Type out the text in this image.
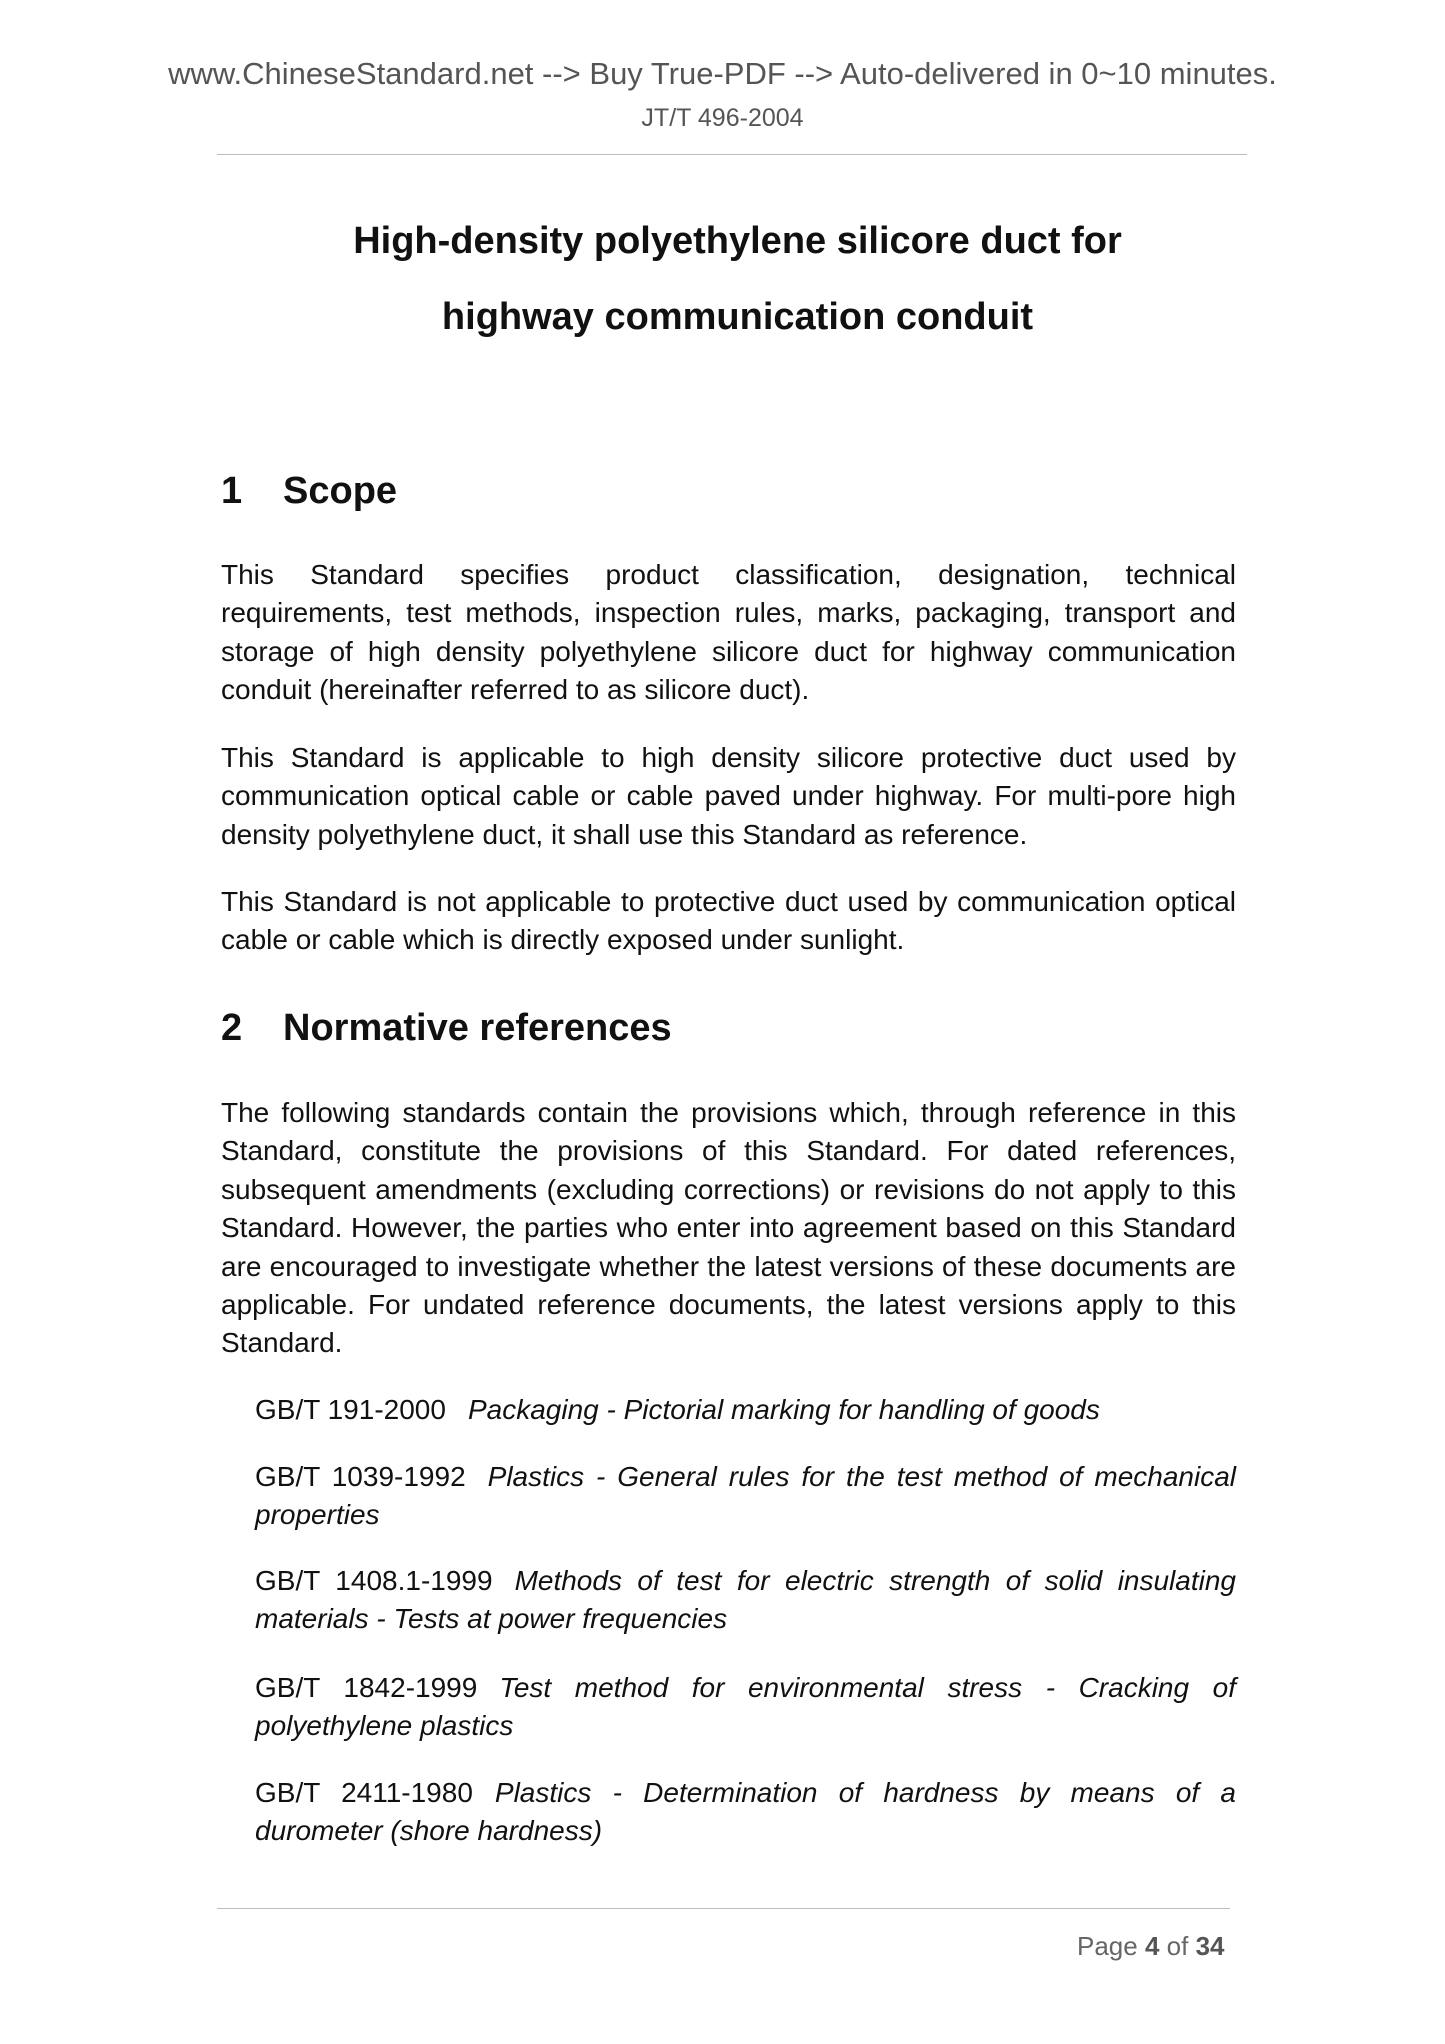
www.ChineseStandard.net --> Buy True-PDF --> Auto-delivered in 0~10 minutes.
JT/T 496-2004
High-density polyethylene silicore duct for
highway communication conduit
1 Scope

This Standard specifies product classification, designation, technical requirements, test methods, inspection rules, marks, packaging, transport and storage of high density polyethylene silicore duct for highway communication conduit (hereinafter referred to as silicore duct).

This Standard is applicable to high density silicore protective duct used by communication optical cable or cable paved under highway. For multi-pore high density polyethylene duct, it shall use this Standard as reference.

This Standard is not applicable to protective duct used by communication optical cable or cable which is directly exposed under sunlight.

2 Normative references

The following standards contain the provisions which, through reference in this Standard, constitute the provisions of this Standard. For dated references, subsequent amendments (excluding corrections) or revisions do not apply to this Standard. However, the parties who enter into agreement based on this Standard are encouraged to investigate whether the latest versions of these documents are applicable. For undated reference documents, the latest versions apply to this Standard.

GB/T 191-2000 Packaging - Pictorial marking for handling of goods

GB/T 1039-1992 Plastics - General rules for the test method of mechanical properties

GB/T 1408.1-1999 Methods of test for electric strength of solid insulating materials - Tests at power frequencies

GB/T 1842-1999 Test method for environmental stress - Cracking of polyethylene plastics

GB/T 2411-1980 Plastics - Determination of hardness by means of a durometer (shore hardness)

Page 4 of 34
